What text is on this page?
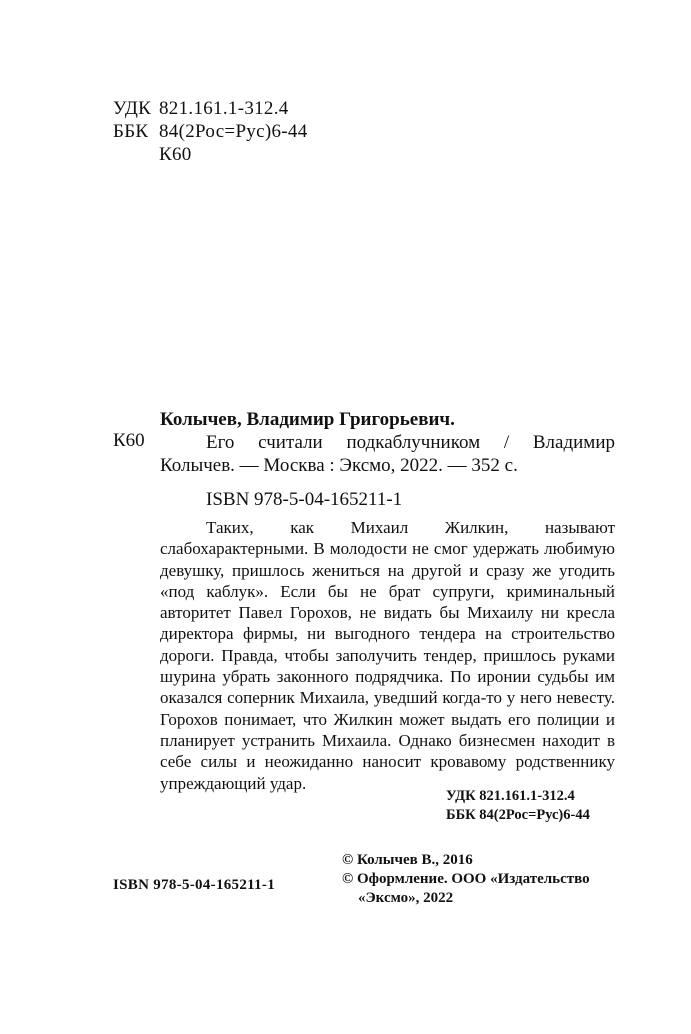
УДК 821.161.1-312.4
ББК 84(2Рос=Рус)6-44
К60
К60
Колычев, Владимир Григорьевич.
Его считали подкаблучником / Владимир
Колычев. — Москва : Эксмо, 2022. — 352 с.
ISBN 978-5-04-165211-1

Таких, как Михаил Жилкин, называют слабохарактерными. В молодости не смог удержать любимую девушку, пришлось жениться на другой и сразу же угодить «под каблук». Если бы не брат супруги, криминальный авторитет Павел Горохов, не видать бы Михаилу ни кресла директора фирмы, ни выгодного тендера на строительство дороги. Правда, чтобы заполучить тендер, пришлось руками шурина убрать законного подрядчика. По иронии судьбы им оказался соперник Михаила, уведший когда-то у него невесту. Горохов понимает, что Жилкин может выдать его полиции и планирует устранить Михаила. Однако бизнесмен находит в себе силы и неожиданно наносит кровавому родственнику упреждающий удар.

УДК 821.161.1-312.4
ББК 84(2Рос=Рус)6-44
© Колычев В., 2016
© Оформление. ООО «Издательство
«Эксмо», 2022
ISBN 978-5-04-165211-1
